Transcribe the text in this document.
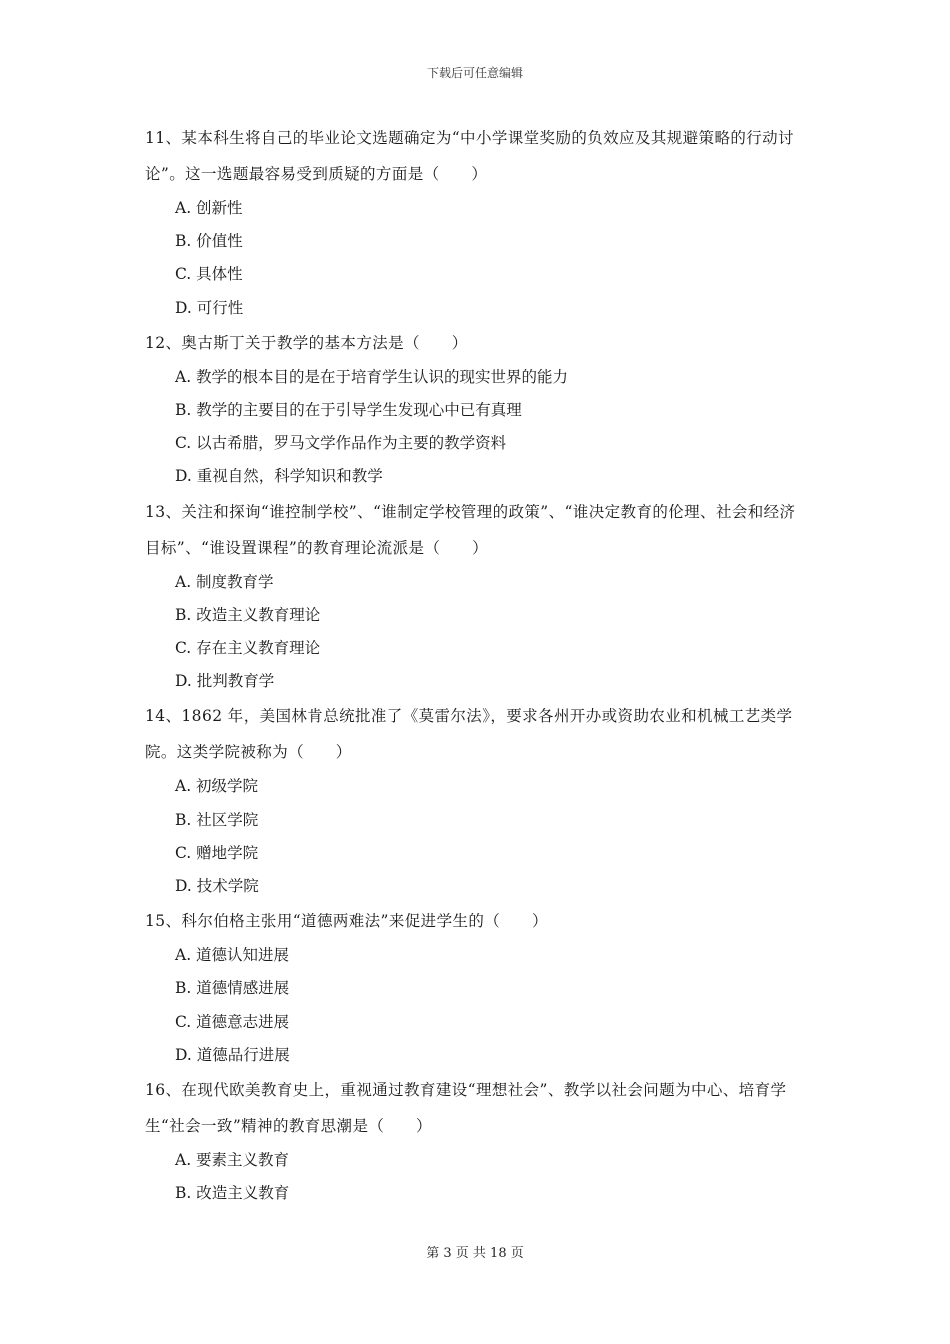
下载后可任意编辑

11、某本科生将自己的毕业论文选题确定为“中小学课堂奖励的负效应及其规避策略的行动讨论”。这一选题最容易受到质疑的方面是（　　）

A. 创新性

B. 价值性

C. 具体性

D. 可行性

12、奥古斯丁关于教学的基本方法是（　　）

A. 教学的根本目的是在于培育学生认识的现实世界的能力

B. 教学的主要目的在于引导学生发现心中已有真理

C. 以古希腊，罗马文学作品作为主要的教学资料

D. 重视自然，科学知识和教学

13、关注和探询“谁控制学校”、“谁制定学校管理的政策”、“谁决定教育的伦理、社会和经济目标”、“谁设置课程”的教育理论流派是（　　）

A. 制度教育学

B. 改造主义教育理论

C. 存在主义教育理论

D. 批判教育学

14、1862 年，美国林肯总统批准了《莫雷尔法》，要求各州开办或资助农业和机械工艺类学院。这类学院被称为（　　）

A. 初级学院

B. 社区学院

C. 赠地学院

D. 技术学院

15、科尔伯格主张用“道德两难法”来促进学生的（　　）

A. 道德认知进展

B. 道德情感进展

C. 道德意志进展

D. 道德品行进展

16、在现代欧美教育史上，重视通过教育建设“理想社会”、教学以社会问题为中心、培育学生“社会一致”精神的教育思潮是（　　）

A. 要素主义教育

B. 改造主义教育

第 3 页 共 18 页
